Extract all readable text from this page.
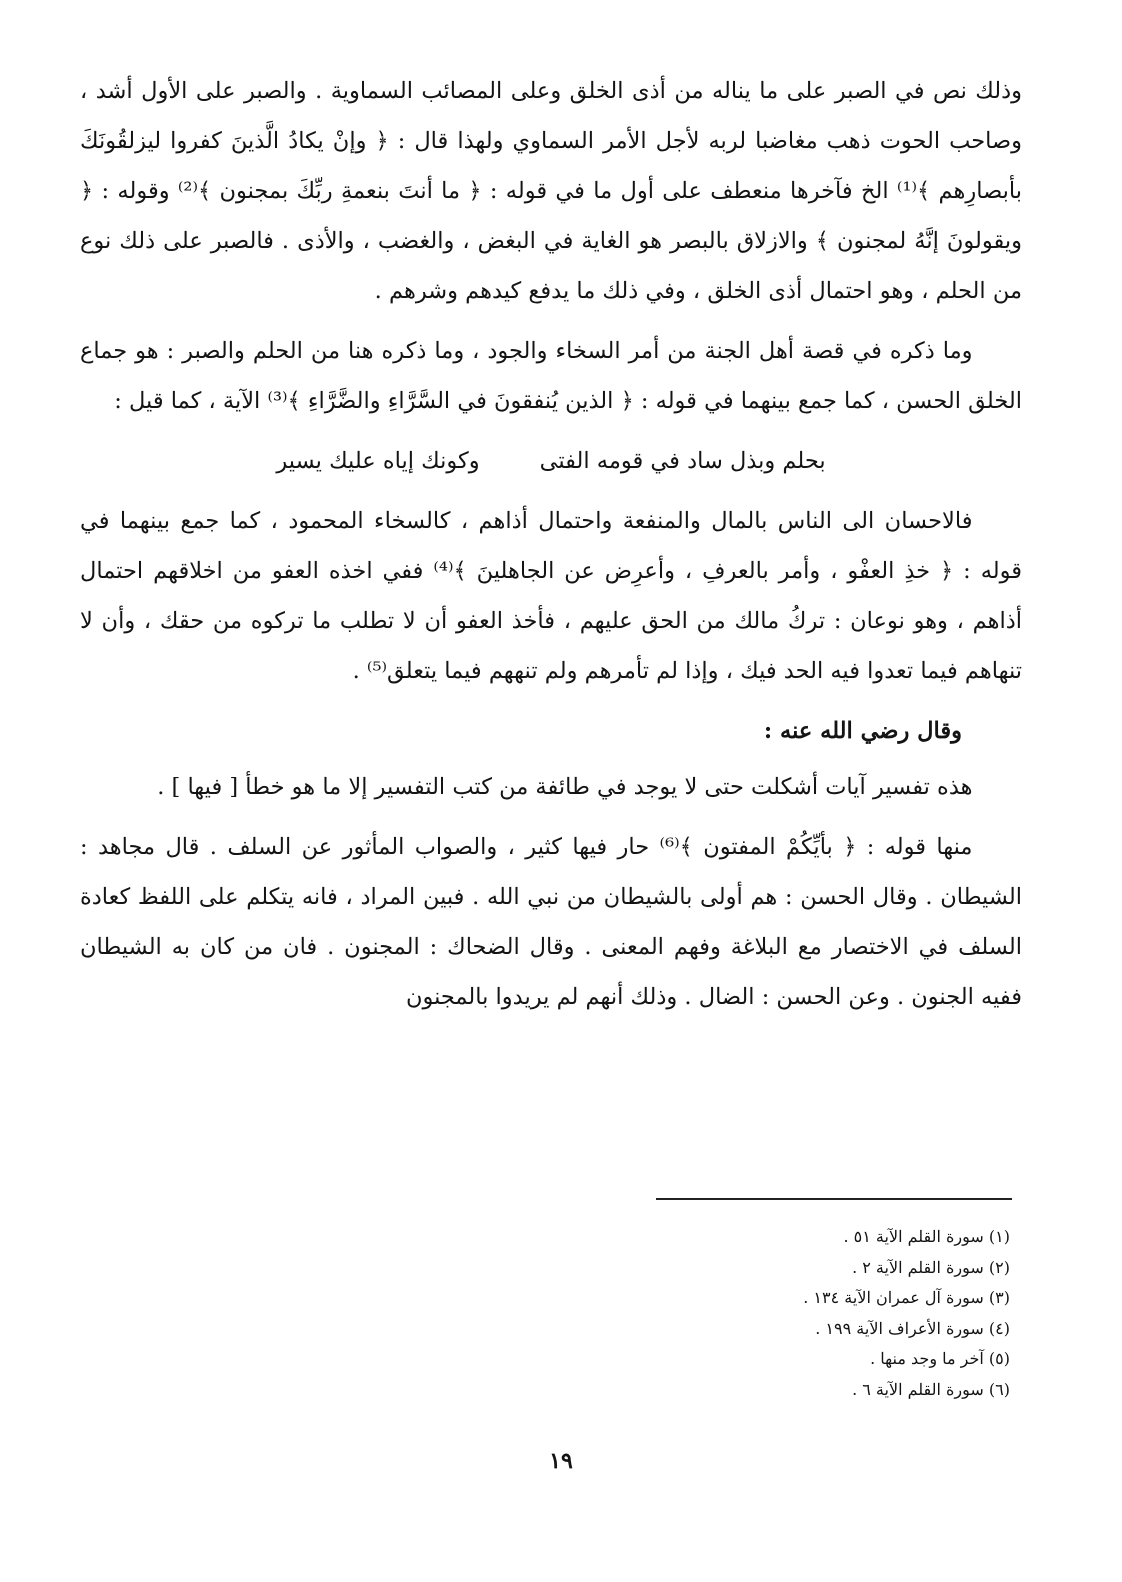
وذلك نص في الصبر على ما يناله من أذى الخلق وعلى المصائب السماوية . والصبر على الأول أشد ، وصاحب الحوت ذهب مغاضبا لربه لأجل الأمر السماوي ولهذا قال : ﴿ وإنْ يكادُ الَّذينَ كفروا ليزلقُونَكَ بأبصارِهم ﴾⁽¹⁾ الخ فآخرها منعطف على أول ما في قوله : ﴿ ما أنتَ بنعمةِ ربِّكَ بمجنون ﴾⁽²⁾ وقوله : ﴿ ويقولونَ إنَّهُ لمجنون ﴾ والازلاق بالبصر هو الغاية في البغض ، والغضب ، والأذى . فالصبر على ذلك نوع من الحلم ، وهو احتمال أذى الخلق ، وفي ذلك ما يدفع كيدهم وشرهم .

وما ذكره في قصة أهل الجنة من أمر السخاء والجود ، وما ذكره هنا من الحلم والصبر : هو جماع الخلق الحسن ، كما جمع بينهما في قوله : ﴿ الذين يُنفقونَ في السَّرَّاءِ والضَّرَّاءِ ﴾⁽³⁾ الآية ، كما قيل :

بحلم وبذل ساد في قومه الفتى
وكونك إياه عليك يسير

فالاحسان الى الناس بالمال والمنفعة واحتمال أذاهم ، كالسخاء المحمود ، كما جمع بينهما في قوله : ﴿ خذِ العفْو ، وأمر بالعرفِ ، وأعرِض عن الجاهلينَ ﴾⁽⁴⁾ ففي اخذه العفو من اخلاقهم احتمال أذاهم ، وهو نوعان : تركُ مالك من الحق عليهم ، فأخذ العفو أن لا تطلب ما تركوه من حقك ، وأن لا تنهاهم فيما تعدوا فيه الحد فيك ، وإذا لم تأمرهم ولم تنههم فيما يتعلق⁽⁵⁾ .

وقال رضي الله عنه :

هذه تفسير آيات أشكلت حتى لا يوجد في طائفة من كتب التفسير إلا ما هو خطأ [ فيها ] .

منها قوله : ﴿ بأيِّكُمْ المفتون ﴾⁽⁶⁾ حار فيها كثير ، والصواب المأثور عن السلف . قال مجاهد : الشيطان . وقال الحسن : هم أولى بالشيطان من نبي الله . فبين المراد ، فانه يتكلم على اللفظ كعادة السلف في الاختصار مع البلاغة وفهم المعنى . وقال الضحاك : المجنون . فان من كان به الشيطان ففيه الجنون . وعن الحسن : الضال . وذلك أنهم لم يريدوا بالمجنون

(١) سورة القلم الآية ٥١ .
(٢) سورة القلم الآية ٢ .
(٣) سورة آل عمران الآية ١٣٤ .
(٤) سورة الأعراف الآية ١٩٩ .
(٥) آخر ما وجد منها .
(٦) سورة القلم الآية ٦ .
١٩
